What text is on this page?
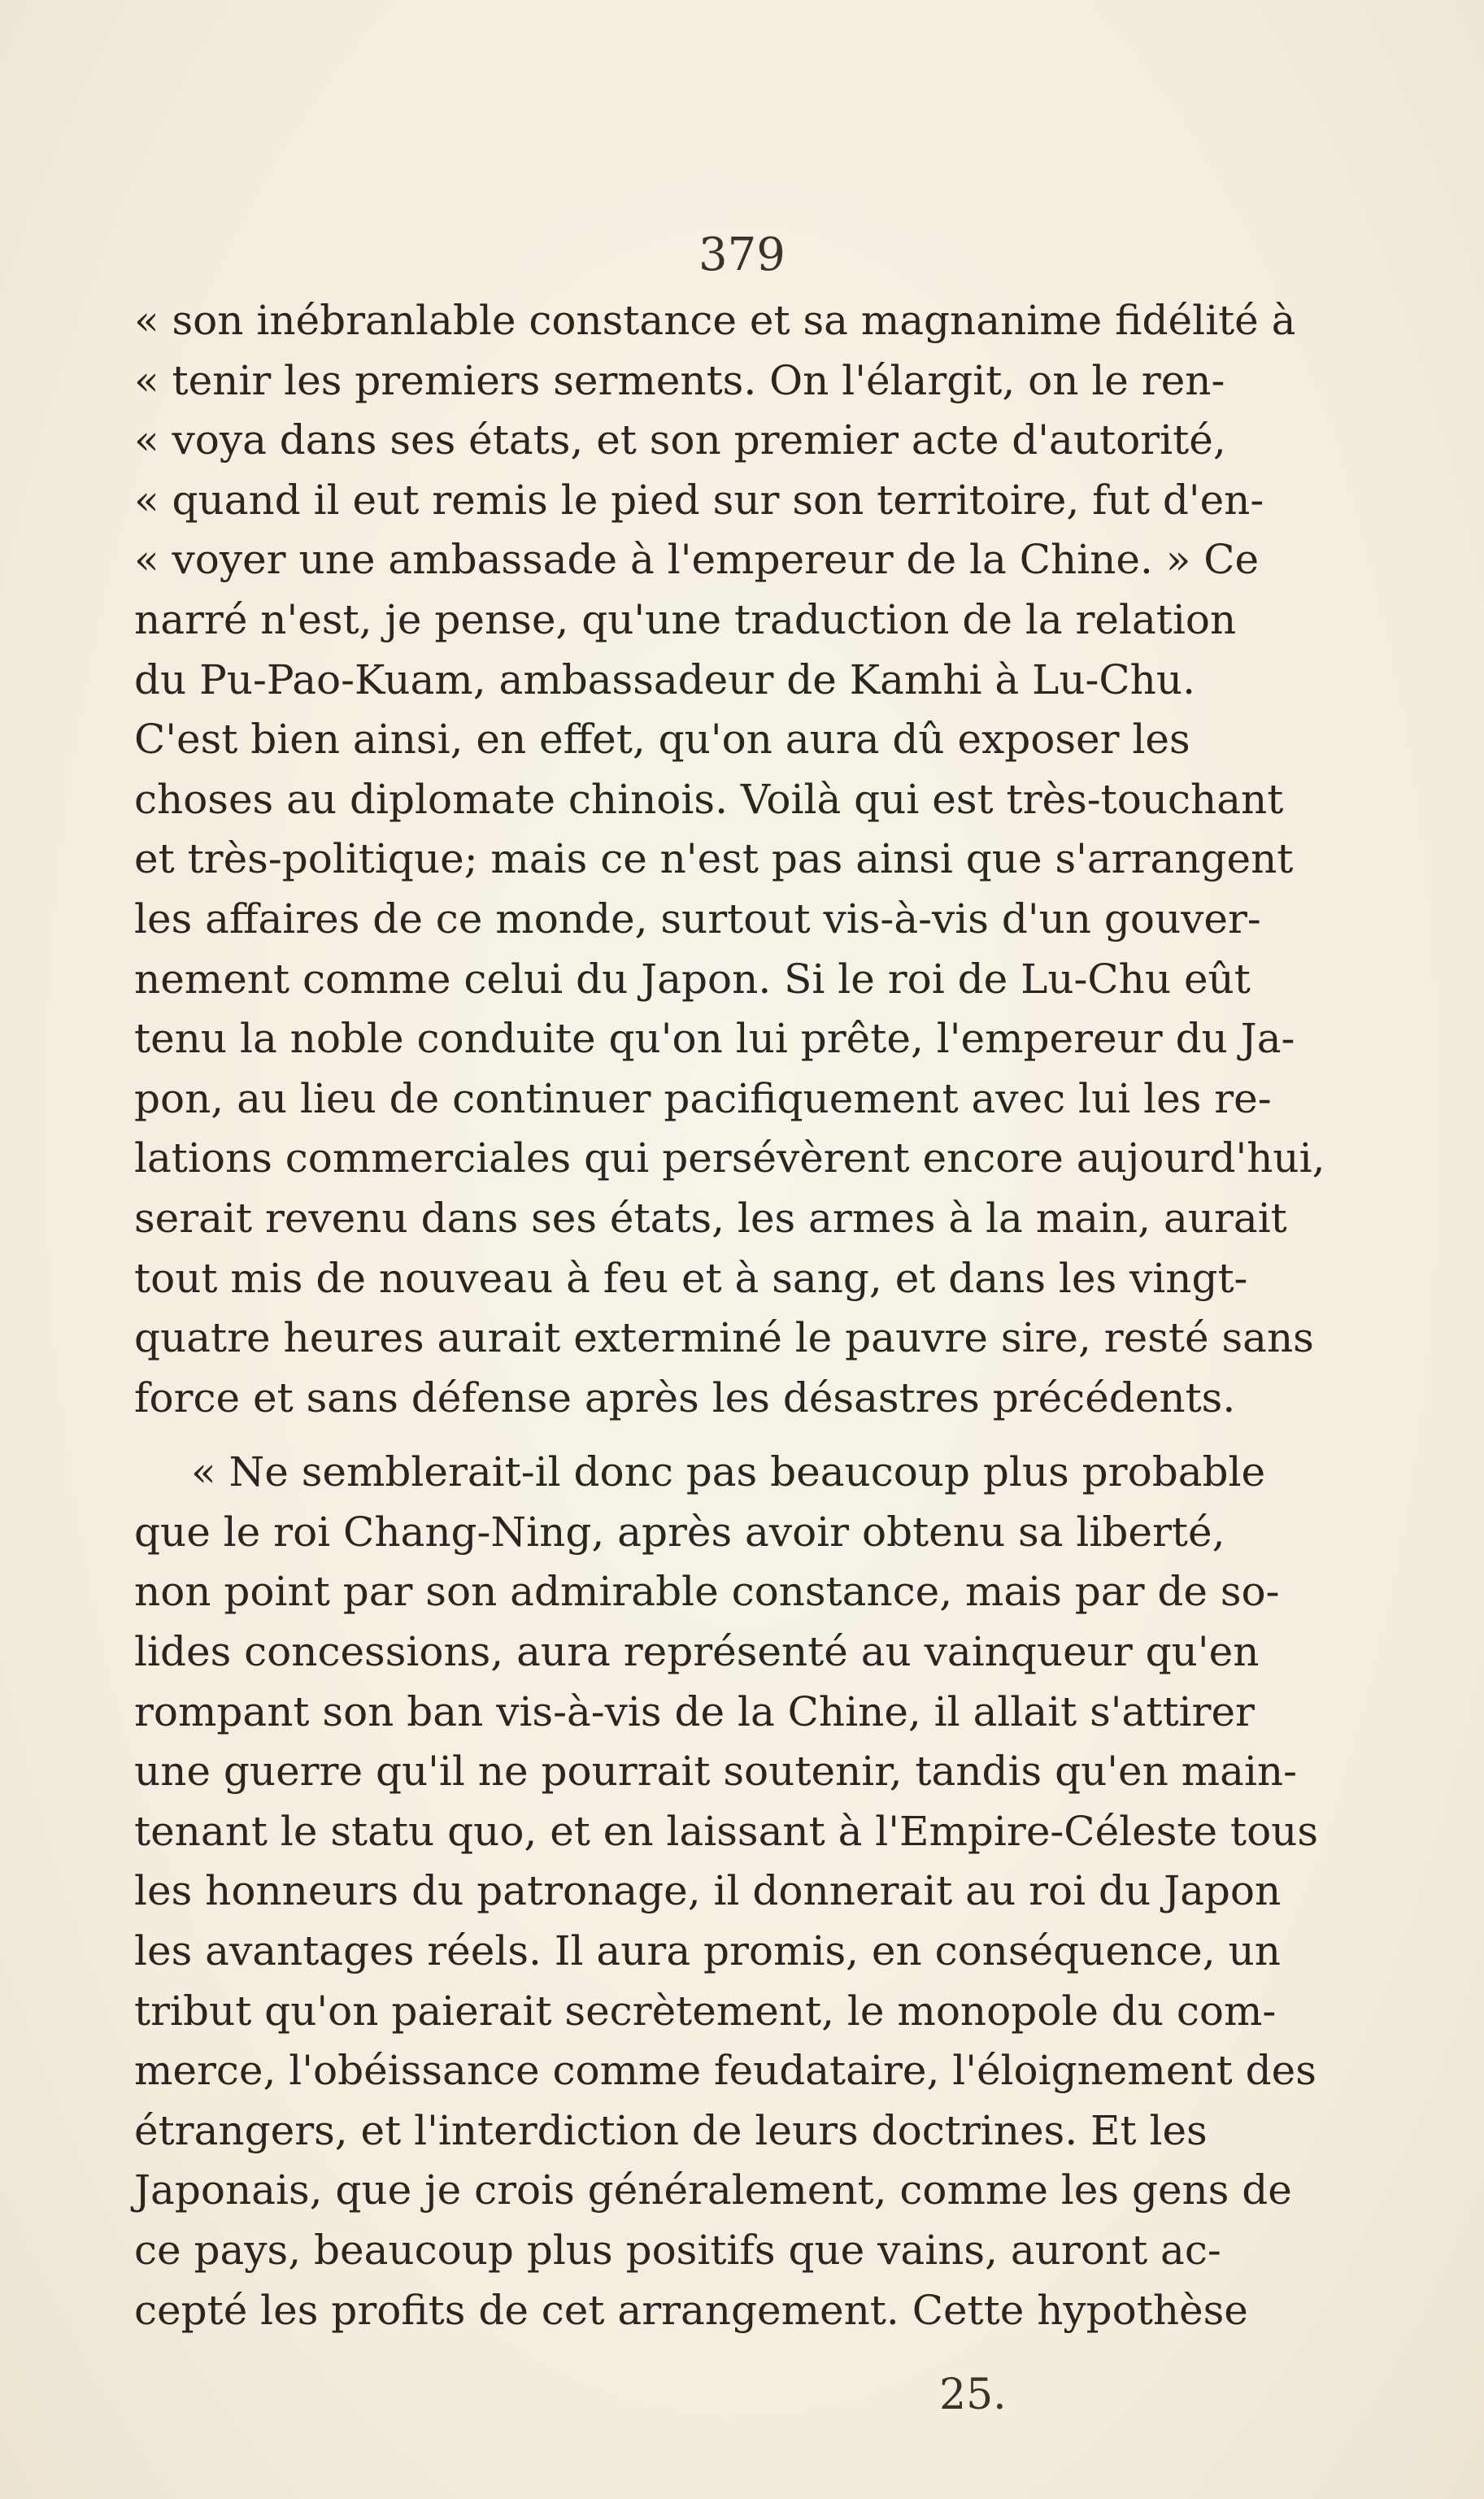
379
« son inébranlable constance et sa magnanime fidélité à
« tenir les premiers serments. On l'élargit, on le ren-
« voya dans ses états, et son premier acte d'autorité,
« quand il eut remis le pied sur son territoire, fut d'en-
« voyer une ambassade à l'empereur de la Chine. » Ce
narré n'est, je pense, qu'une traduction de la relation
du Pu-Pao-Kuam, ambassadeur de Kamhi à Lu-Chu.
C'est bien ainsi, en effet, qu'on aura dû exposer les
choses au diplomate chinois. Voilà qui est très-touchant
et très-politique; mais ce n'est pas ainsi que s'arrangent
les affaires de ce monde, surtout vis-à-vis d'un gouver-
nement comme celui du Japon. Si le roi de Lu-Chu eût
tenu la noble conduite qu'on lui prête, l'empereur du Ja-
pon, au lieu de continuer pacifiquement avec lui les re-
lations commerciales qui persévèrent encore aujourd'hui,
serait revenu dans ses états, les armes à la main, aurait
tout mis de nouveau à feu et à sang, et dans les vingt-
quatre heures aurait exterminé le pauvre sire, resté sans
force et sans défense après les désastres précédents.
« Ne semblerait-il donc pas beaucoup plus probable
que le roi Chang-Ning, après avoir obtenu sa liberté,
non point par son admirable constance, mais par de so-
lides concessions, aura représenté au vainqueur qu'en
rompant son ban vis-à-vis de la Chine, il allait s'attirer
une guerre qu'il ne pourrait soutenir, tandis qu'en main-
tenant le statu quo, et en laissant à l'Empire-Céleste tous
les honneurs du patronage, il donnerait au roi du Japon
les avantages réels. Il aura promis, en conséquence, un
tribut qu'on paierait secrètement, le monopole du com-
merce, l'obéissance comme feudataire, l'éloignement des
étrangers, et l'interdiction de leurs doctrines. Et les
Japonais, que je crois généralement, comme les gens de
ce pays, beaucoup plus positifs que vains, auront ac-
cepté les profits de cet arrangement. Cette hypothèse
25.
